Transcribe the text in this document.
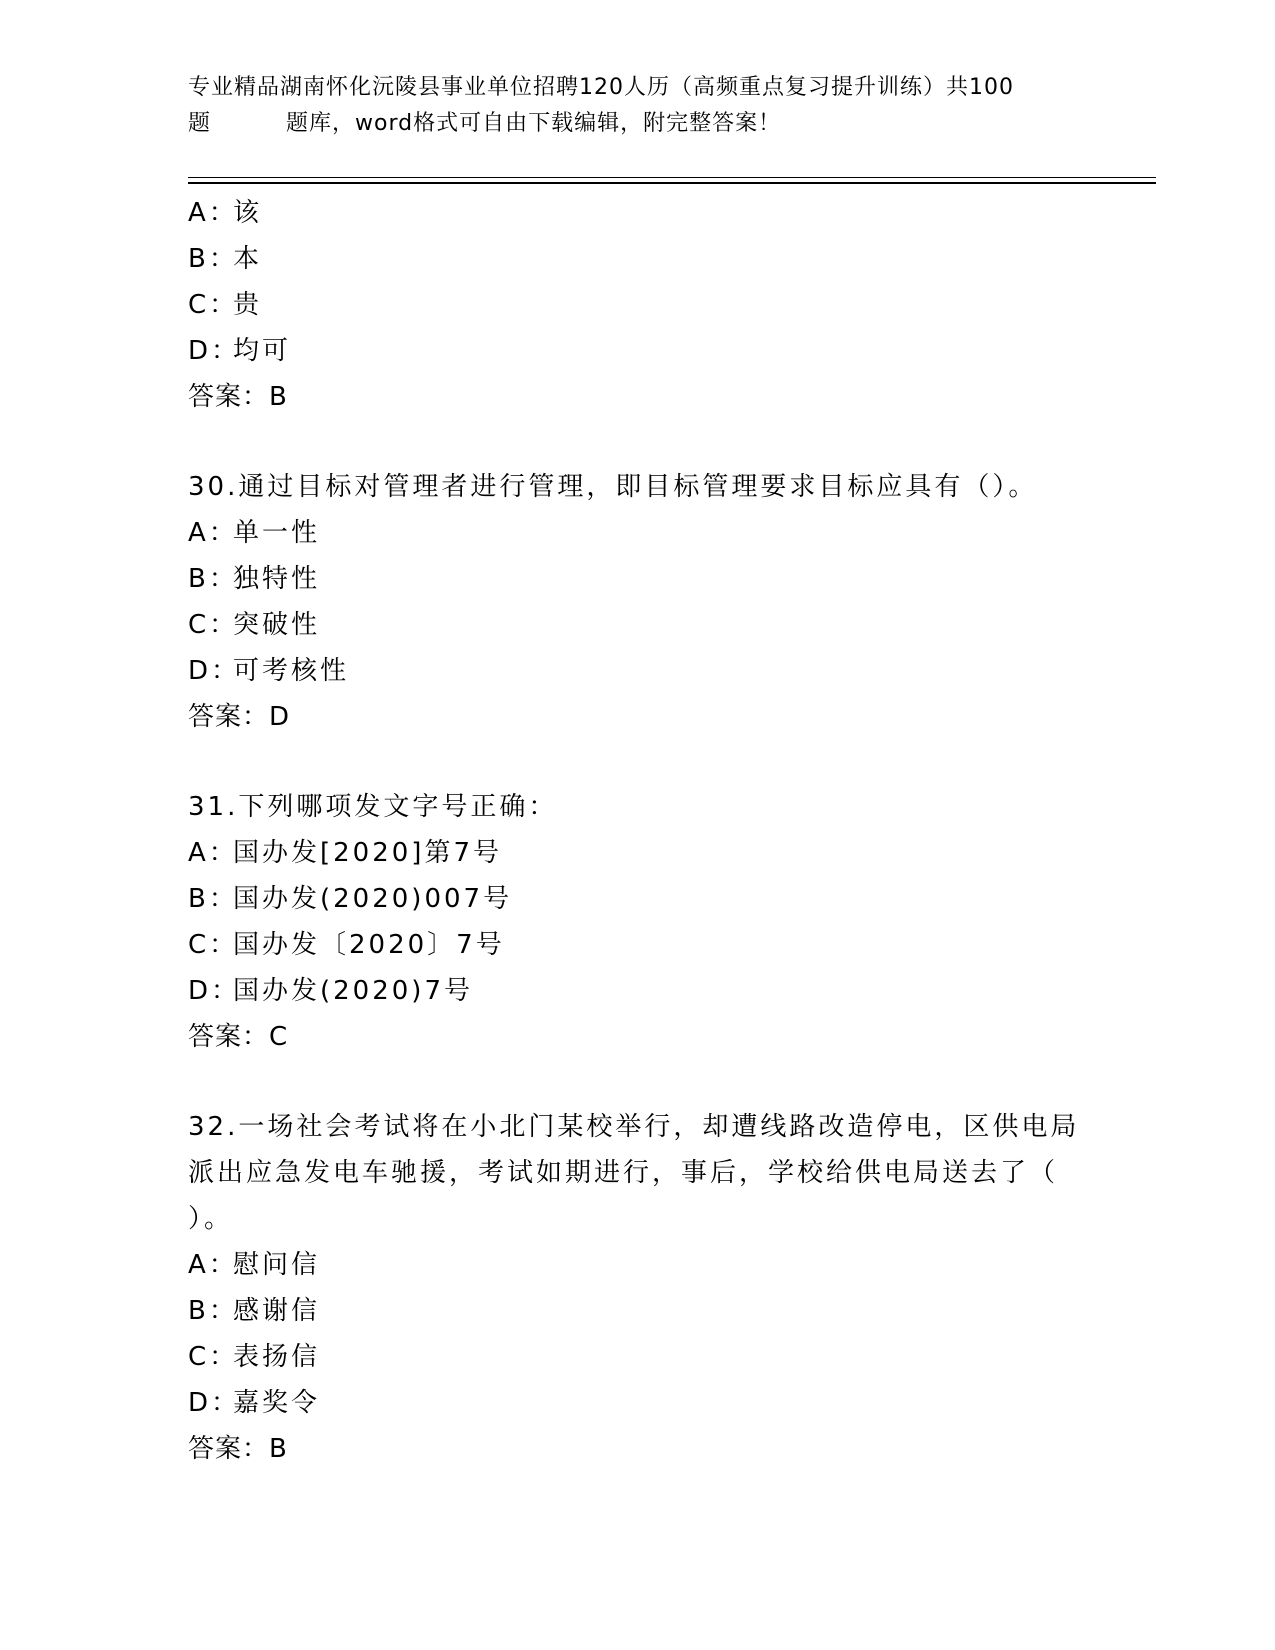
专业精品湖南怀化沅陵县事业单位招聘120人历（高频重点复习提升训练）共100
题	题库，word格式可自由下载编辑，附完整答案！
A：该
B：本
C：贵
D：均可
答案：B
30.通过目标对管理者进行管理，即目标管理要求目标应具有（）。
A：单一性
B：独特性
C：突破性
D：可考核性
答案：D
31.下列哪项发文字号正确：
A：国办发[2020]第7号
B：国办发(2020)007号
C：国办发〔2020〕7号
D：国办发(2020)7号
答案：C
32.一场社会考试将在小北门某校举行，却遭线路改造停电，区供电局
派出应急发电车驰援，考试如期进行，事后，学校给供电局送去了（
）。
A：慰问信
B：感谢信
C：表扬信
D：嘉奖令
答案：B
